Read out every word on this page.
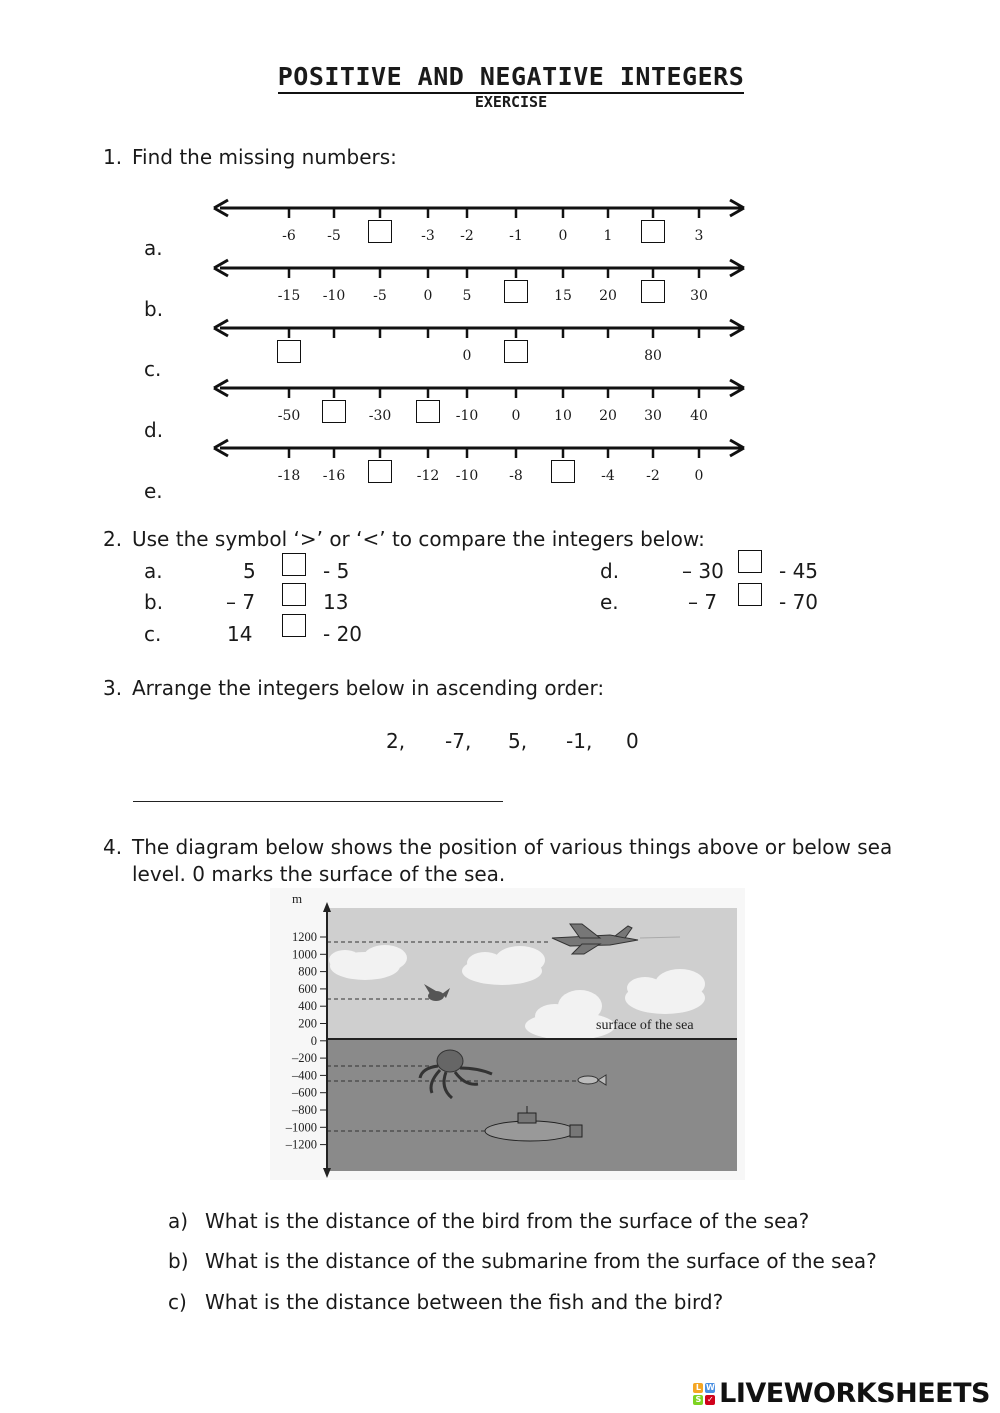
POSITIVE AND NEGATIVE INTEGERS
EXERCISE
1. Find the missing numbers:
a.	-6 -5	-3 -2	-1	0	1	3
b.
-15 -10 -5	0 5	15 20	30
c.
0	80
d.
-50	-30	-10 0 10 20 30 40
e.
-18 -16	-12 -10 -8	-4 -2 0
2. Use the symbol ‘>’ or ‘<’ to compare the integers below:
a.	5	- 5
b.	– 7	13
c.	14	- 20
d.	– 30	- 45
e.	– 7	- 70
3. Arrange the integers below in ascending order:
2, -7, 5, -1, 0
4. The diagram below shows the position of various things above or below sea
level. 0 marks the surface of the sea.
m
1200
1000
800
600
400
200
0
–200
–400
–600
–800
–1000
–1200
surface of the sea
a) What is the distance of the bird from the surface of the sea?
b) What is the distance of the submarine from the surface of the sea?
c) What is the distance between the fish and the bird?
L W
S ✓ LIVEWORKSHEETS
